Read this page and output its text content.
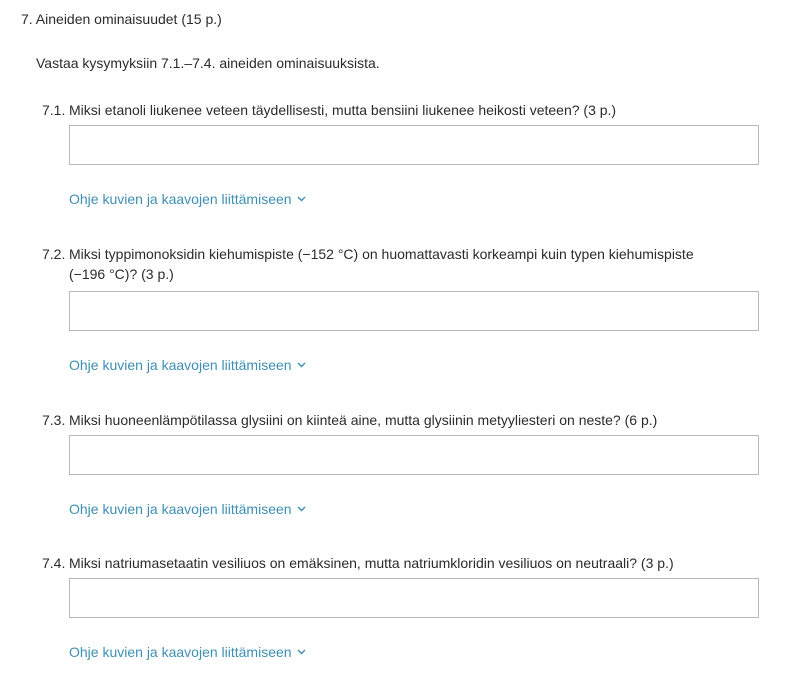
7. Aineiden ominaisuudet (15 p.)
Vastaa kysymyksiin 7.1.–7.4. aineiden ominaisuuksista.
7.1. Miksi etanoli liukenee veteen täydellisesti, mutta bensiini liukenee heikosti veteen? (3 p.)
Ohje kuvien ja kaavojen liittämiseen
7.2. Miksi typpimonoksidin kiehumispiste (−152 °C) on huomattavasti korkeampi kuin typen kiehumispiste (−196 °C)? (3 p.)
Ohje kuvien ja kaavojen liittämiseen
7.3. Miksi huoneenlämpötilassa glysiini on kiinteä aine, mutta glysiinin metyyliesteri on neste? (6 p.)
Ohje kuvien ja kaavojen liittämiseen
7.4. Miksi natriumasetaatin vesiliuos on emäksinen, mutta natriumkloridin vesiliuos on neutraali? (3 p.)
Ohje kuvien ja kaavojen liittämiseen
